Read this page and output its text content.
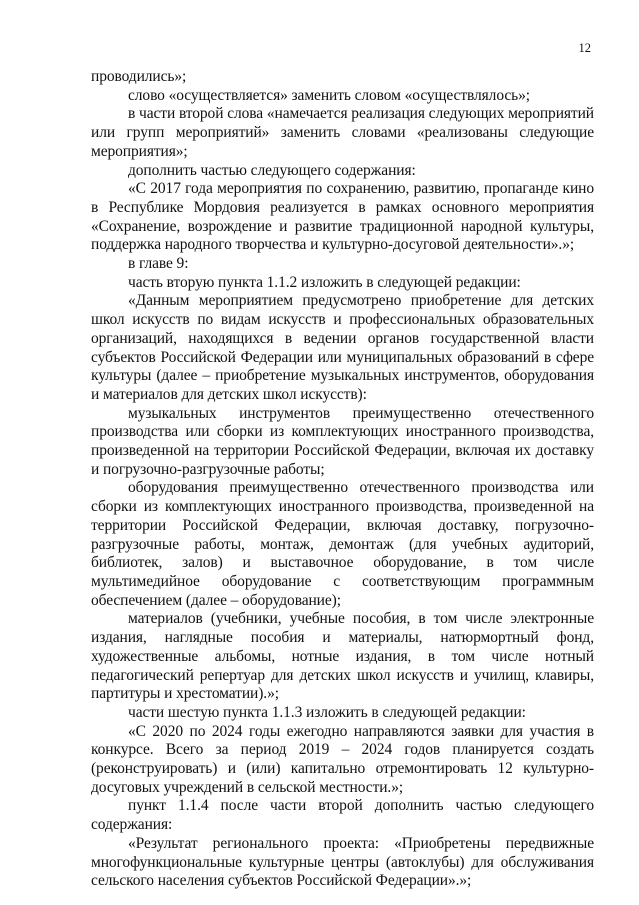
12

проводились»;

слово «осуществляется» заменить словом «осуществлялось»;

в части второй слова «намечается реализация следующих мероприятий или групп мероприятий» заменить словами «реализованы следующие мероприятия»;

дополнить частью следующего содержания:

«С 2017 года мероприятия по сохранению, развитию, пропаганде кино в Республике Мордовия реализуется в рамках основного мероприятия «Сохранение, возрождение и развитие традиционной народной культуры, поддержка народного творчества и культурно-досуговой деятельности».»;

в главе 9:

часть вторую пункта 1.1.2 изложить в следующей редакции:

«Данным мероприятием предусмотрено приобретение для детских школ искусств по видам искусств и профессиональных образовательных организаций, находящихся в ведении органов государственной власти субъектов Российской Федерации или муниципальных образований в сфере культуры (далее – приобретение музыкальных инструментов, оборудования и материалов для детских школ искусств):

музыкальных инструментов преимущественно отечественного производства или сборки из комплектующих иностранного производства, произведенной на территории Российской Федерации, включая их доставку и погрузочно-разгрузочные работы;

оборудования преимущественно отечественного производства или сборки из комплектующих иностранного производства, произведенной на территории Российской Федерации, включая доставку, погрузочно-разгрузочные работы, монтаж, демонтаж (для учебных аудиторий, библиотек, залов) и выставочное оборудование, в том числе мультимедийное оборудование с соответствующим программным обеспечением (далее – оборудование);

материалов (учебники, учебные пособия, в том числе электронные издания, наглядные пособия и материалы, натюрмортный фонд, художественные альбомы, нотные издания, в том числе нотный педагогический репертуар для детских школ искусств и училищ, клавиры, партитуры и хрестоматии).»;

части шестую пункта 1.1.3 изложить в следующей редакции:

«С 2020 по 2024 годы ежегодно направляются заявки для участия в конкурсе. Всего за период 2019 – 2024 годов планируется создать (реконструировать) и (или) капитально отремонтировать 12 культурно-досуговых учреждений в сельской местности.»;

пункт 1.1.4 после части второй дополнить частью следующего содержания:

«Результат регионального проекта: «Приобретены передвижные многофункциональные культурные центры (автоклубы) для обслуживания сельского населения субъектов Российской Федерации».»;
